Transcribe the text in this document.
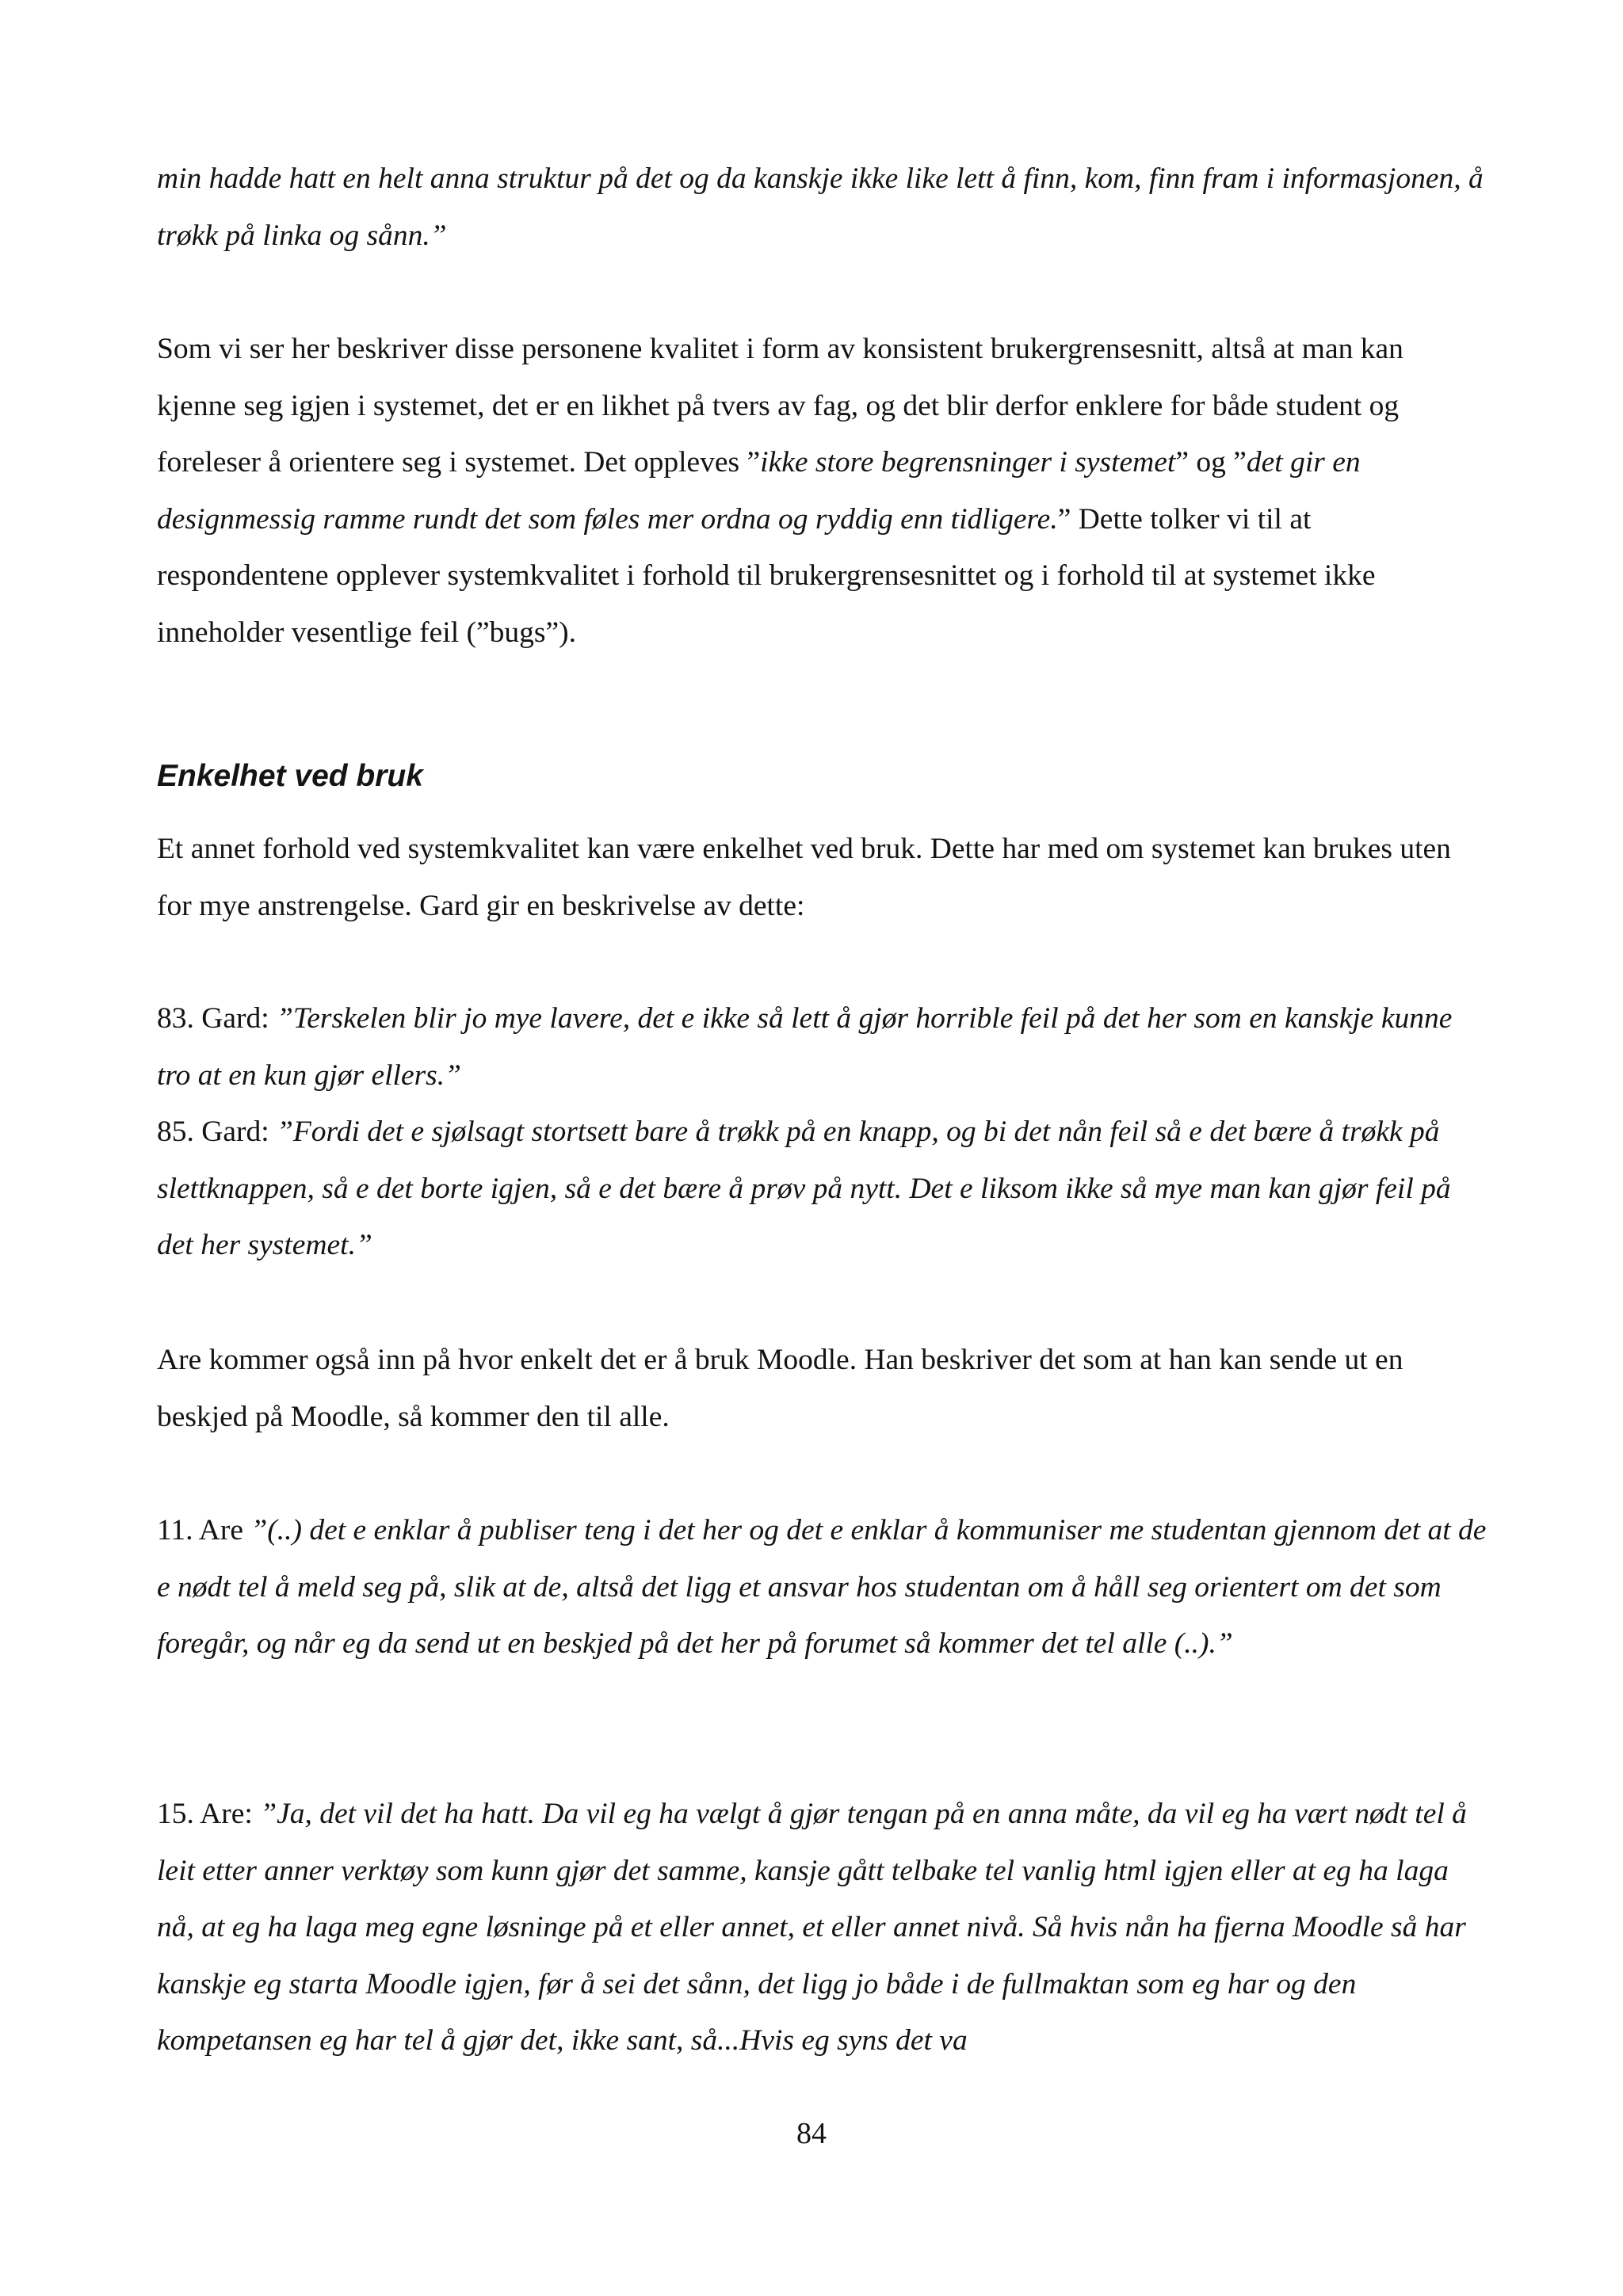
min hadde hatt en helt anna struktur på det og da kanskje ikke like lett å finn, kom, finn fram i informasjonen, å trøkk på linka og sånn.”

Som vi ser her beskriver disse personene kvalitet i form av konsistent brukergrensesnitt, altså at man kan kjenne seg igjen i systemet, det er en likhet på tvers av fag, og det blir derfor enklere for både student og foreleser å orientere seg i systemet. Det oppleves ”ikke store begrensninger i systemet” og ”det gir en designmessig ramme rundt det som føles mer ordna og ryddig enn tidligere.” Dette tolker vi til at respondentene opplever systemkvalitet i forhold til brukergrensesnittet og i forhold til at systemet ikke inneholder vesentlige feil (”bugs”).

Enkelhet ved bruk

Et annet forhold ved systemkvalitet kan være enkelhet ved bruk. Dette har med om systemet kan brukes uten for mye anstrengelse. Gard gir en beskrivelse av dette:

83. Gard: ”Terskelen blir jo mye lavere, det e ikke så lett å gjør horrible feil på det her som en kanskje kunne tro at en kun gjør ellers.”
85. Gard: ”Fordi det e sjølsagt stortsett bare å trøkk på en knapp, og bi det nån feil så e det bære å trøkk på slettknappen, så e det borte igjen, så e det bære å prøv på nytt. Det e liksom ikke så mye man kan gjør feil på det her systemet.”

Are kommer også inn på hvor enkelt det er å bruk Moodle. Han beskriver det som at han kan sende ut en beskjed på Moodle, så kommer den til alle.

11. Are ”(..) det e enklar å publiser teng i det her og det e enklar å kommuniser me studentan gjennom det at de e nødt tel å meld seg på, slik at de, altså det ligg et ansvar hos studentan om å håll seg orientert om det som foregår, og når eg da send ut en beskjed på det her på forumet så kommer det tel alle (..).”

15. Are: ”Ja, det vil det ha hatt. Da vil eg ha vælgt å gjør tengan på en anna måte, da vil eg ha vært nødt tel å leit etter anner verktøy som kunn gjør det samme, kansje gått telbake tel vanlig html igjen eller at eg ha laga nå, at eg ha laga meg egne løsninge på et eller annet, et eller annet nivå. Så hvis nån ha fjerna Moodle så har kanskje eg starta Moodle igjen, før å sei det sånn, det ligg jo både i de fullmaktan som eg har og den kompetansen eg har tel å gjør det, ikke sant, så...Hvis eg syns det va

84
